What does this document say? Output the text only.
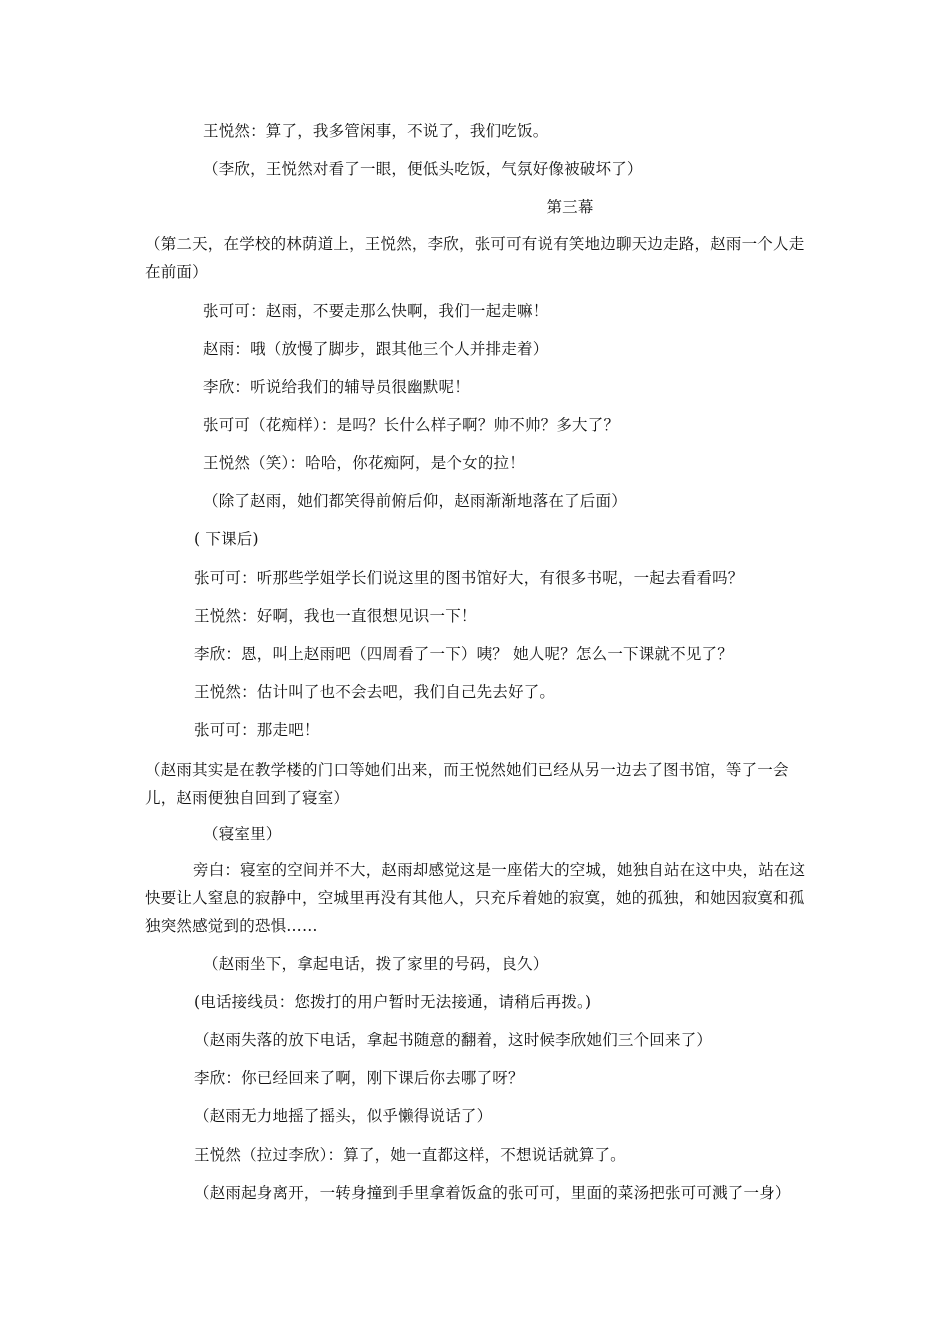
王悦然：算了，我多管闲事，不说了，我们吃饭。
（李欣，王悦然对看了一眼，便低头吃饭，气氛好像被破坏了）
第三幕
（第二天，在学校的林荫道上，王悦然，李欣，张可可有说有笑地边聊天边走路，赵雨一个人走在前面）
张可可：赵雨，不要走那么快啊，我们一起走嘛！
赵雨：哦（放慢了脚步，跟其他三个人并排走着）
李欣：听说给我们的辅导员很幽默呢！
张可可（花痴样）：是吗？长什么样子啊？帅不帅？多大了？
王悦然（笑）：哈哈，你花痴阿，是个女的拉！
（除了赵雨，她们都笑得前俯后仰，赵雨渐渐地落在了后面）
( 下课后)
张可可：听那些学姐学长们说这里的图书馆好大，有很多书呢，一起去看看吗？
王悦然：好啊，我也一直很想见识一下！
李欣：恩，叫上赵雨吧（四周看了一下）咦？ 她人呢？怎么一下课就不见了？
王悦然：估计叫了也不会去吧，我们自己先去好了。
张可可：那走吧！
（赵雨其实是在教学楼的门口等她们出来，而王悦然她们已经从另一边去了图书馆，等了一会儿，赵雨便独自回到了寝室）
（寝室里）
旁白：寝室的空间并不大，赵雨却感觉这是一座偌大的空城，她独自站在这中央，站在这快要让人窒息的寂静中，空城里再没有其他人，只充斥着她的寂寞，她的孤独，和她因寂寞和孤独突然感觉到的恐惧……
（赵雨坐下，拿起电话，拨了家里的号码，良久）
(电话接线员：您拨打的用户暂时无法接通，请稍后再拨。)
（赵雨失落的放下电话，拿起书随意的翻着，这时候李欣她们三个回来了）
李欣：你已经回来了啊，刚下课后你去哪了呀？
（赵雨无力地摇了摇头，似乎懒得说话了）
王悦然（拉过李欣）：算了，她一直都这样，不想说话就算了。
（赵雨起身离开，一转身撞到手里拿着饭盒的张可可，里面的菜汤把张可可溅了一身）
